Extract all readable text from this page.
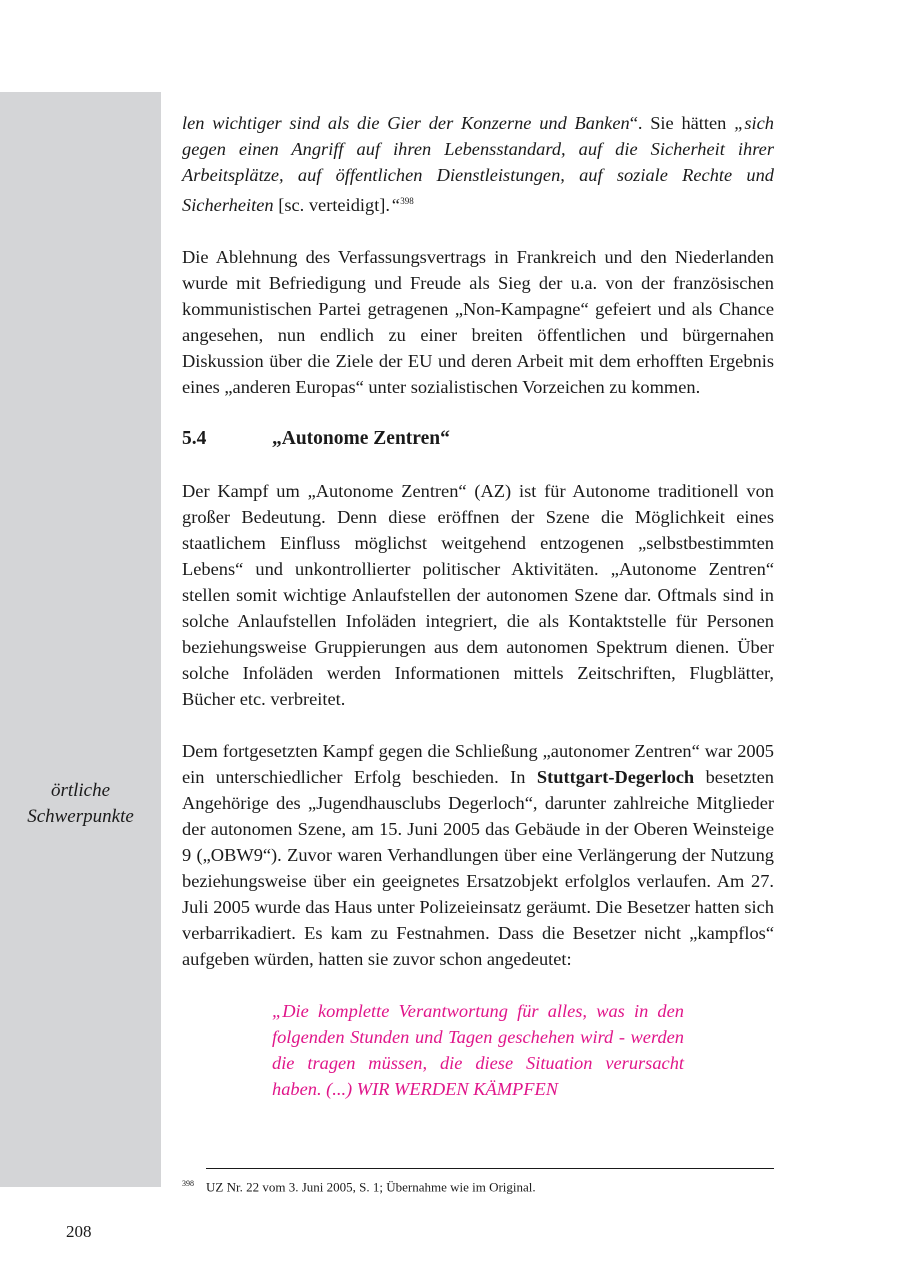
örtliche
Schwerpunkte

len wichtiger sind als die Gier der Konzerne und Banken“. Sie hätten „sich gegen einen Angriff auf ihren Lebensstandard, auf die Sicherheit ihrer Arbeitsplätze, auf öffentlichen Dienstleistungen, auf soziale Rechte und Sicherheiten [sc. verteidigt].“$^{398}$

Die Ablehnung des Verfassungsvertrags in Frankreich und den Niederlanden wurde mit Befriedigung und Freude als Sieg der u.a. von der französischen kommunistischen Partei getragenen „Non-Kampagne“ gefeiert und als Chance angesehen, nun endlich zu einer breiten öffentlichen und bürgernahen Diskussion über die Ziele der EU und deren Arbeit mit dem erhofften Ergebnis eines „anderen Europas“ unter sozialistischen Vorzeichen zu kommen.

5.4	„Autonome Zentren“

Der Kampf um „Autonome Zentren“ (AZ) ist für Autonome traditionell von großer Bedeutung. Denn diese eröffnen der Szene die Möglichkeit eines staatlichem Einfluss möglichst weitgehend entzogenen „selbstbestimmten Lebens“ und unkontrollierter politischer Aktivitäten. „Autonome Zentren“ stellen somit wichtige Anlaufstellen der autonomen Szene dar. Oftmals sind in solche Anlaufstellen Infoläden integriert, die als Kontaktstelle für Personen beziehungsweise Gruppierungen aus dem autonomen Spektrum dienen. Über solche Infoläden werden Informationen mittels Zeitschriften, Flugblätter, Bücher etc. verbreitet.

Dem fortgesetzten Kampf gegen die Schließung „autonomer Zentren“ war 2005 ein unterschiedlicher Erfolg beschieden. In Stuttgart-Degerloch besetzten Angehörige des „Jugendhausclubs Degerloch“, darunter zahlreiche Mitglieder der autonomen Szene, am 15. Juni 2005 das Gebäude in der Oberen Weinsteige 9 („OBW9“). Zuvor waren Verhandlungen über eine Verlängerung der Nutzung beziehungsweise über ein geeignetes Ersatzobjekt erfolglos verlaufen. Am 27. Juli 2005 wurde das Haus unter Polizeieinsatz geräumt. Die Besetzer hatten sich verbarrikadiert. Es kam zu Festnahmen. Dass die Besetzer nicht „kampflos“ aufgeben würden, hatten sie zuvor schon angedeutet:

„Die komplette Verantwortung für alles, was in den folgenden Stunden und Tagen geschehen wird - werden die tragen müssen, die diese Situation verursacht haben. (...) WIR WERDEN KÄMPFEN
398 UZ Nr. 22 vom 3. Juni 2005, S. 1; Übernahme wie im Original.
208
